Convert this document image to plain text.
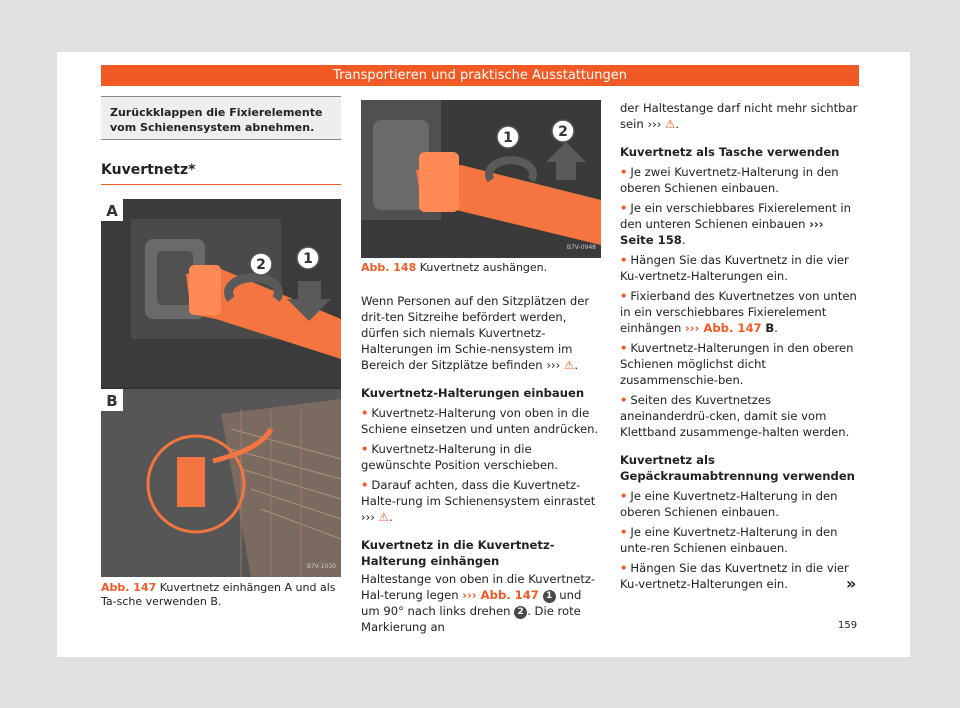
Transportieren und praktische Ausstattungen
Zurückklappen die Fixierelemente vom Schienensystem abnehmen.
Kuvertnetz*
2	1
A
B
B7V-1030
Abb. 147 Kuvertnetz einhängen A und als Ta-sche verwenden B.
1	2
B7V-0948
Abb. 148 Kuvertnetz aushängen.

Wenn Personen auf den Sitzplätzen der drit-ten Sitzreihe befördert werden, dürfen sich niemals Kuvertnetz-Halterungen im Schie-nensystem im Bereich der Sitzplätze befinden ››› ⚠.

Kuvertnetz-Halterungen einbauen

• Kuvertnetz-Halterung von oben in die Schiene einsetzen und unten andrücken.

• Kuvertnetz-Halterung in die gewünschte Position verschieben.

• Darauf achten, dass die Kuvertnetz-Halte-rung im Schienensystem einrastet ››› ⚠.

Kuvertnetz in die Kuvertnetz-Halterung einhängen

Haltestange von oben in die Kuvertnetz-Hal-terung legen ››› Abb. 147 1 und um 90° nach links drehen 2 . Die rote Markierung an

der Haltestange darf nicht mehr sichtbar sein ››› ⚠.

Kuvertnetz als Tasche verwenden

• Je zwei Kuvertnetz-Halterung in den oberen Schienen einbauen.

• Je ein verschiebbares Fixierelement in den unteren Schienen einbauen ››› Seite 158.

• Hängen Sie das Kuvertnetz in die vier Ku-vertnetz-Halterungen ein.

• Fixierband des Kuvertnetzes von unten in ein verschiebbares Fixierelement einhängen ››› Abb. 147 B.

• Kuvertnetz-Halterungen in den oberen Schienen möglichst dicht zusammenschie-ben.

• Seiten des Kuvertnetzes aneinanderdrü-cken, damit sie vom Klettband zusammenge-halten werden.

Kuvertnetz als Gepäckraumabtrennung verwenden

• Je eine Kuvertnetz-Halterung in den oberen Schienen einbauen.

• Je eine Kuvertnetz-Halterung in den unte-ren Schienen einbauen.

• Hängen Sie das Kuvertnetz in die vier Ku-vertnetz-Halterungen ein.	»
159
